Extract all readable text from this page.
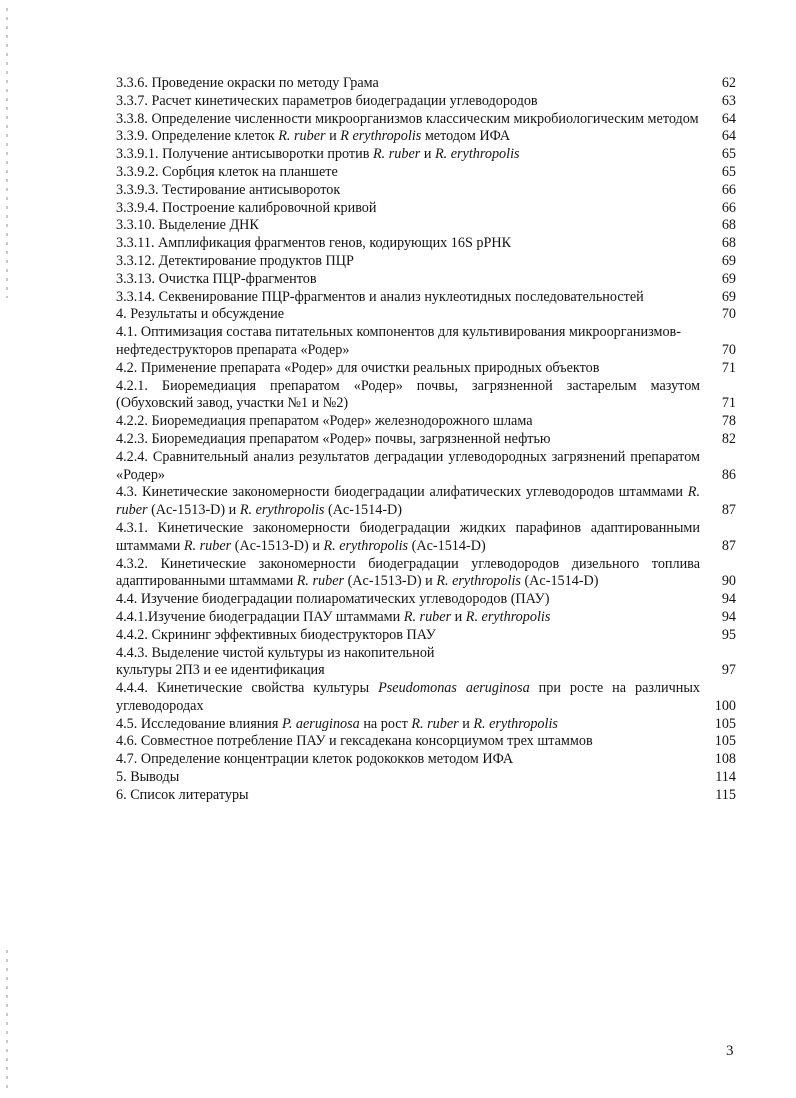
3.3.6. Проведение окраски по методу Грама	62
3.3.7. Расчет кинетических параметров биодеградации углеводородов	63
3.3.8. Определение численности микроорганизмов классическим микробиологическим методом	64
3.3.9. Определение клеток R. ruber и R erythropolis методом ИФА	64
3.3.9.1. Получение антисыворотки против R. ruber и R. erythropolis	65
3.3.9.2. Сорбция клеток на планшете	65
3.3.9.3. Тестирование антисывороток	66
3.3.9.4. Построение калибровочной кривой	66
3.3.10. Выделение ДНК	68
3.3.11. Амплификация фрагментов генов, кодирующих 16S рРНК	68
3.3.12. Детектирование продуктов ПЦР	69
3.3.13. Очистка ПЦР-фрагментов	69
3.3.14. Секвенирование ПЦР-фрагментов и анализ нуклеотидных последовательностей	69
4. Результаты и обсуждение	70
4.1. Оптимизация состава питательных компонентов для культивирования микроорганизмов-нефтедеструкторов препарата «Родер»	70
4.2. Применение препарата «Родер» для очистки реальных природных объектов	71
4.2.1. Биоремедиация препаратом «Родер» почвы, загрязненной застарелым мазутом (Обуховский завод, участки №1 и №2)	71
4.2.2. Биоремедиация препаратом «Родер» железнодорожного шлама	78
4.2.3. Биоремедиация препаратом «Родер» почвы, загрязненной нефтью	82
4.2.4. Сравнительный анализ результатов деградации углеводородных загрязнений препаратом «Родер»	86
4.3. Кинетические закономерности биодеградации алифатических углеводородов штаммами R. ruber (Ac-1513-D) и R. erythropolis (Ac-1514-D)	87
4.3.1. Кинетические закономерности биодеградации жидких парафинов адаптированными штаммами R. ruber (Ac-1513-D) и R. erythropolis (Ac-1514-D)	87
4.3.2. Кинетические закономерности биодеградации углеводородов дизельного топлива адаптированными штаммами R. ruber (Ac-1513-D) и R. erythropolis (Ac-1514-D)	90
4.4. Изучение биодеградации полиароматических углеводородов (ПАУ)	94
4.4.1.Изучение биодеградации ПАУ штаммами R. ruber и R. erythropolis	94
4.4.2. Скрининг эффективных биодеструкторов ПАУ	95
4.4.3. Выделение чистой культуры из накопительной культуры 2П3 и ее идентификация	97
4.4.4. Кинетические свойства культуры Pseudomonas aeruginosa при росте на различных углеводородах	100
4.5. Исследование влияния P. aeruginosa на рост R. ruber и R. erythropolis	105
4.6. Совместное потребление ПАУ и гексадекана консорциумом трех штаммов	105
4.7. Определение концентрации клеток родококков методом ИФА	108
5. Выводы	114
6. Список литературы	115
3
